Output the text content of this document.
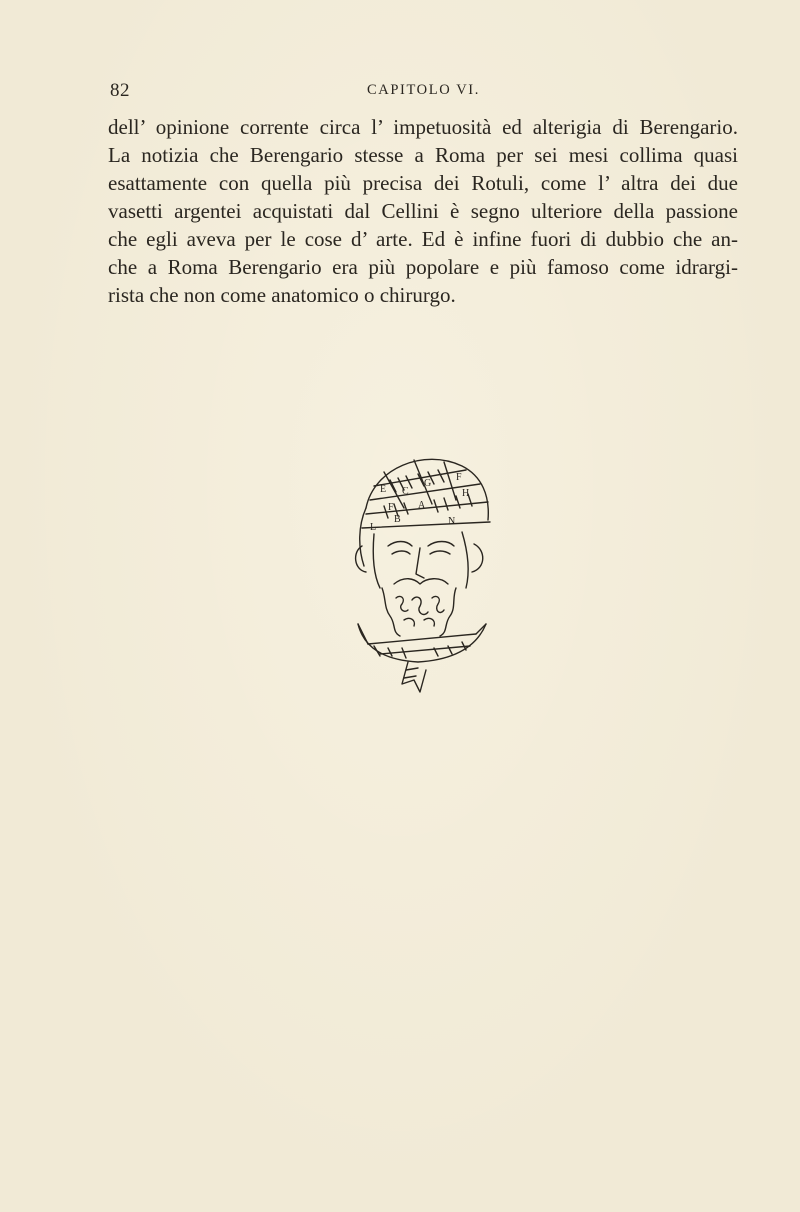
82	CAPITOLO VI.
dell’ opinione corrente circa l’ impetuosità ed alterigia di Berengario.
La notizia che Berengario stesse a Roma per sei mesi collima quasi
esattamente con quella più precisa dei Rotuli, come l’ altra dei due
vasetti argentei acquistati dal Cellini è segno ulteriore della passione
che egli aveva per le cose d’ arte. Ed è infine fuori di dubbio che an-
che a Roma Berengario era più popolare e più famoso come idrargi-
rista che non come anatomico o chirurgo.
F
G
C	H
E
F A
B	N
L
